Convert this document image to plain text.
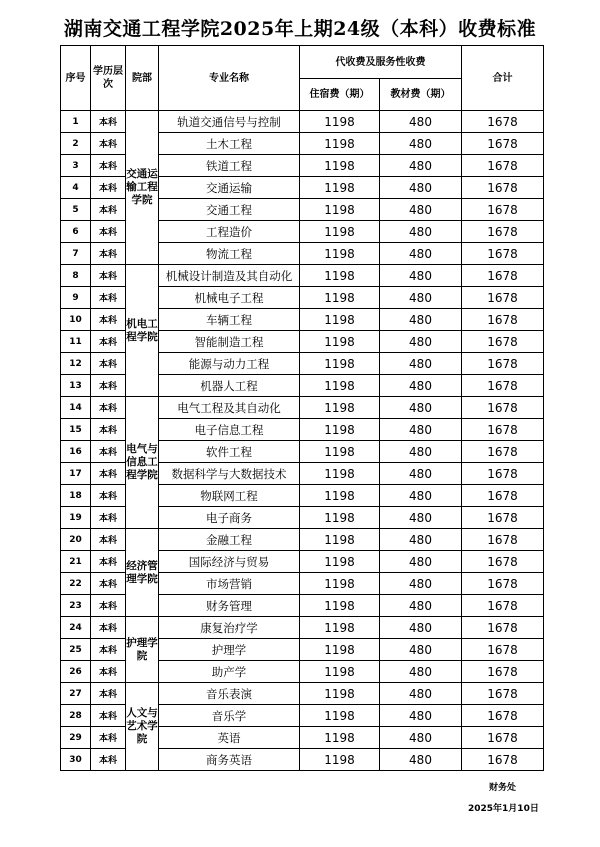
湖南交通工程学院2025年上期24级（本科）收费标准
序号	学历层次	院部	专业名称	代收费及服务性收费		合计
				住宿费（期）	教材费（期）	
1	本科	交通运输工程学院	轨道交通信号与控制	1198	480	1678
2	本科		土木工程	1198	480	1678
3	本科		铁道工程	1198	480	1678
4	本科		交通运输	1198	480	1678
5	本科		交通工程	1198	480	1678
6	本科		工程造价	1198	480	1678
7	本科		物流工程	1198	480	1678
8	本科	机电工程学院	机械设计制造及其自动化	1198	480	1678
9	本科		机械电子工程	1198	480	1678
10	本科		车辆工程	1198	480	1678
11	本科		智能制造工程	1198	480	1678
12	本科		能源与动力工程	1198	480	1678
13	本科		机器人工程	1198	480	1678
14	本科	电气与信息工程学院	电气工程及其自动化	1198	480	1678
15	本科		电子信息工程	1198	480	1678
16	本科		软件工程	1198	480	1678
17	本科		数据科学与大数据技术	1198	480	1678
18	本科		物联网工程	1198	480	1678
19	本科		电子商务	1198	480	1678
20	本科	经济管理学院	金融工程	1198	480	1678
21	本科		国际经济与贸易	1198	480	1678
22	本科		市场营销	1198	480	1678
23	本科		财务管理	1198	480	1678
24	本科	护理学院	康复治疗学	1198	480	1678
25	本科		护理学	1198	480	1678
26	本科		助产学	1198	480	1678
27	本科	人文与艺术学院	音乐表演	1198	480	1678
28	本科		音乐学	1198	480	1678
29	本科		英语	1198	480	1678
30	本科		商务英语	1198	480	1678
财务处
2025年1月10日
